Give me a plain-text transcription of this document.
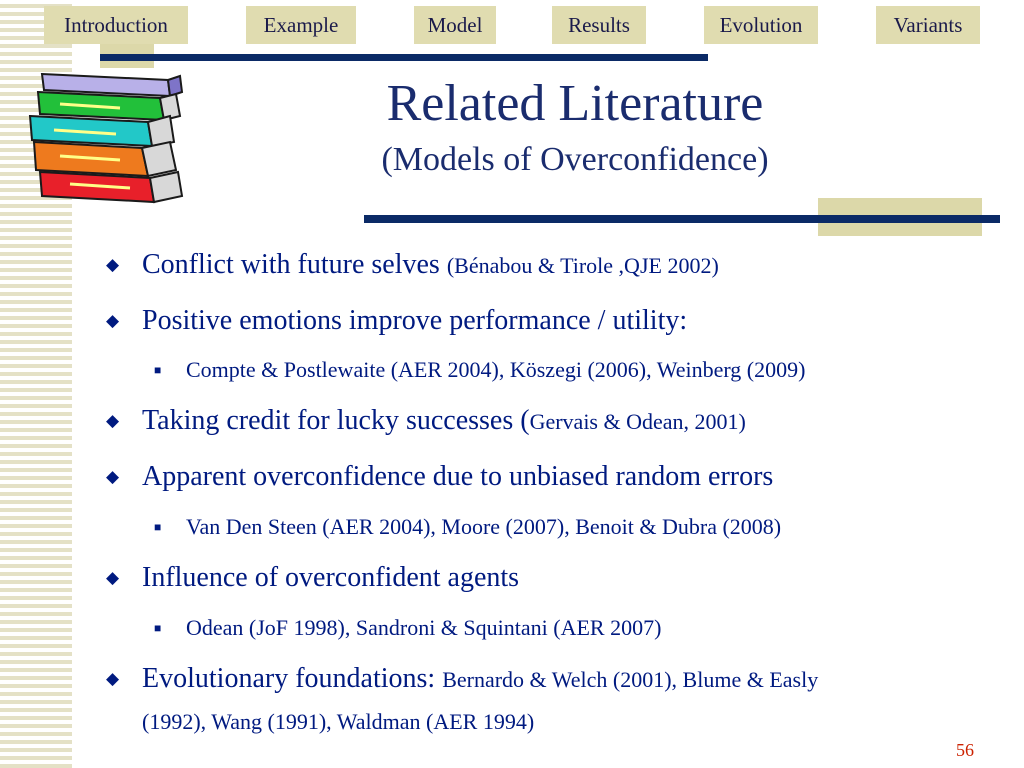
Introduction	Example	Model	Results	Evolution	Variants
Related Literature
(Models of Overconfidence)
◆ Conflict with future selves (Bénabou & Tirole ,QJE 2002)
◆ Positive emotions improve performance / utility:
■ Compte & Postlewaite (AER 2004), Köszegi (2006), Weinberg (2009)
◆ Taking credit for lucky successes (Gervais & Odean, 2001)
◆ Apparent overconfidence due to unbiased random errors
■ Van Den Steen (AER 2004), Moore (2007), Benoit & Dubra (2008)
◆ Influence of overconfident agents
■ Odean (JoF 1998), Sandroni & Squintani (AER 2007)
◆ Evolutionary foundations: Bernardo & Welch (2001), Blume & Easly
(1992), Wang (1991), Waldman (AER 1994)
56
